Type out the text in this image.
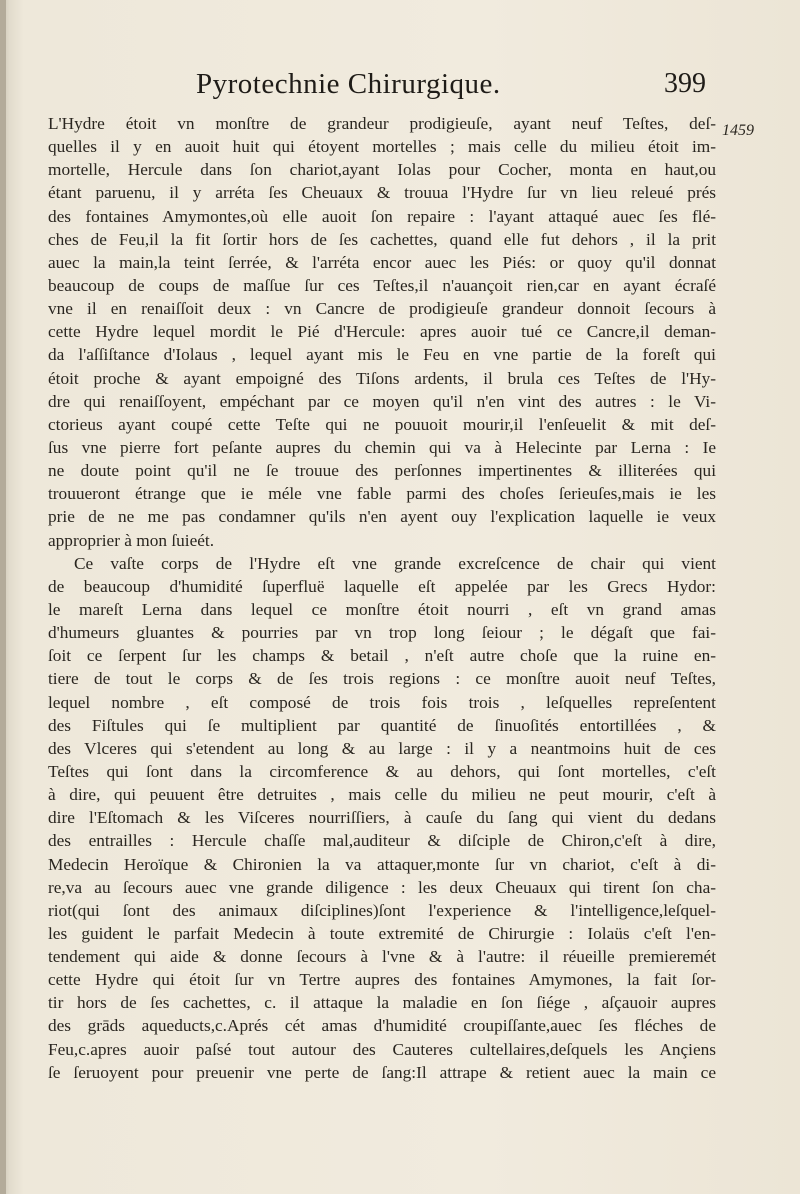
Pyrotechnie Chirurgique.	399
1459
L'Hydre étoit vn monſtre de grandeur prodigieuſe, ayant neuf Teſtes, deſ-
quelles il y en auoit huit qui étoyent mortelles ; mais celle du milieu étoit im-
mortelle, Hercule dans ſon chariot,ayant Iolas pour Cocher, monta en haut,ou
étant paruenu, il y arréta ſes Cheuaux & trouua l'Hydre ſur vn lieu releué prés
des fontaines Amymontes,où elle auoit ſon repaire : l'ayant attaqué auec ſes flé-
ches de Feu,il la fit ſortir hors de ſes cachettes, quand elle fut dehors , il la prit
auec la main,la teint ſerrée, & l'arréta encor auec les Piés: or quoy qu'il donnat
beaucoup de coups de maſſue ſur ces Teſtes,il n'auançoit rien,car en ayant écraſé
vne il en renaiſſoit deux : vn Cancre de prodigieuſe grandeur donnoit ſecours à
cette Hydre lequel mordit le Pié d'Hercule: apres auoir tué ce Cancre,il deman-
da l'aſſiſtance d'Iolaus , lequel ayant mis le Feu en vne partie de la foreſt qui
étoit proche & ayant empoigné des Tiſons ardents, il brula ces Teſtes de l'Hy-
dre qui renaiſſoyent, empéchant par ce moyen qu'il n'en vint des autres : le Vi-
ctorieus ayant coupé cette Teſte qui ne pouuoit mourir,il l'enſeuelit & mit deſ-
ſus vne pierre fort peſante aupres du chemin qui va à Helecinte par Lerna : Ie
ne doute point qu'il ne ſe trouue des perſonnes impertinentes & illiterées qui
trouueront étrange que ie méle vne fable parmi des choſes ſerieuſes,mais ie les
prie de ne me pas condamner qu'ils n'en ayent ouy l'explication laquelle ie veux
approprier à mon ſuieét.
Ce vaſte corps de l'Hydre eſt vne grande excreſcence de chair qui vient
de beaucoup d'humidité ſuperfluë laquelle eſt appelée par les Grecs Hydor:
le mareſt Lerna dans lequel ce monſtre étoit nourri , eſt vn grand amas
d'humeurs gluantes & pourries par vn trop long ſeiour ; le dégaſt que fai-
ſoit ce ſerpent ſur les champs & betail , n'eſt autre choſe que la ruine en-
tiere de tout le corps & de ſes trois regions : ce monſtre auoit neuf Teſtes,
lequel nombre , eſt composé de trois fois trois , leſquelles repreſentent
des Fiſtules qui ſe multiplient par quantité de ſinuoſités entortillées , &
des Vlceres qui s'etendent au long & au large : il y a neantmoins huit de ces
Teſtes qui ſont dans la circomference & au dehors, qui ſont mortelles, c'eſt
à dire, qui peuuent être detruites , mais celle du milieu ne peut mourir, c'eſt à
dire l'Eſtomach & les Viſceres nourriſſiers, à cauſe du ſang qui vient du dedans
des entrailles : Hercule chaſſe mal,auditeur & diſciple de Chiron,c'eſt à dire,
Medecin Heroïque & Chironien la va attaquer,monte ſur vn chariot, c'eſt à di-
re,va au ſecours auec vne grande diligence : les deux Cheuaux qui tirent ſon cha-
riot(qui ſont des animaux diſciplines)ſont l'experience & l'intelligence,leſquel-
les guident le parfait Medecin à toute extremité de Chirurgie : Iolaüs c'eſt l'en-
tendement qui aide & donne ſecours à l'vne & à l'autre: il réueille premieremét
cette Hydre qui étoit ſur vn Tertre aupres des fontaines Amymones, la fait ſor-
tir hors de ſes cachettes, c. il attaque la maladie en ſon ſiége , aſçauoir aupres
des grāds aqueducts,c.Aprés cét amas d'humidité croupiſſante,auec ſes fléches de
Feu,c.apres auoir paſsé tout autour des Cauteres cultellaires,deſquels les Ançiens
ſe ſeruoyent pour preuenir vne perte de ſang:Il attrape & retient auec la main ce
